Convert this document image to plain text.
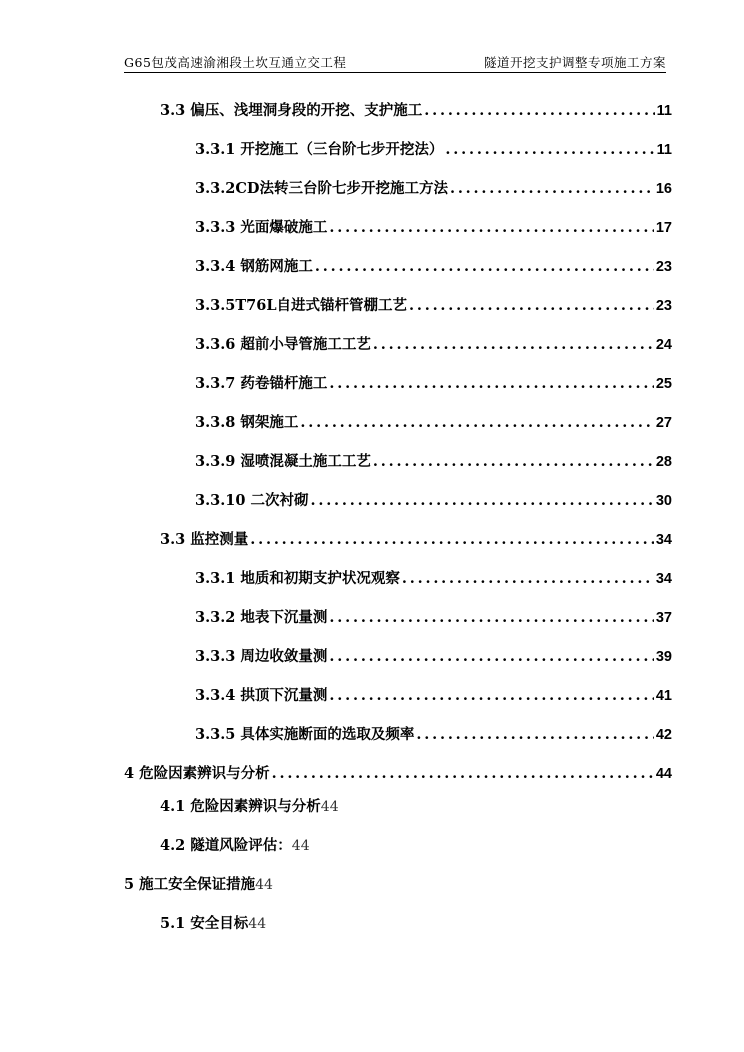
G65包茂高速渝湘段土坎互通立交工程	隧道开挖支护调整专项施工方案
3.3 偏压、浅埋洞身段的开挖、支护施工 .....	11
3.3.1 开挖施工（三台阶七步开挖法） .....	11
3.3.2CD法转三台阶七步开挖施工方法 .....	16
3.3.3 光面爆破施工 .....	17
3.3.4 钢筋网施工 .....	23
3.3.5T76L自进式锚杆管棚工艺 .....	23
3.3.6 超前小导管施工工艺 .....	24
3.3.7 药卷锚杆施工 .....	25
3.3.8 钢架施工 .....	27
3.3.9 湿喷混凝土施工工艺 .....	28
3.3.10 二次衬砌 .....	30
3.3 监控测量 .....	34
3.3.1 地质和初期支护状况观察 .....	34
3.3.2 地表下沉量测 .....	37
3.3.3 周边收敛量测 .....	39
3.3.4 拱顶下沉量测 .....	41
3.3.5 具体实施断面的选取及频率 .....	42
4 危险因素辨识与分析 .....	44
4.1 危险因素辨识与分析44
4.2 隧道风险评估：44
5 施工安全保证措施44
5.1 安全目标44
